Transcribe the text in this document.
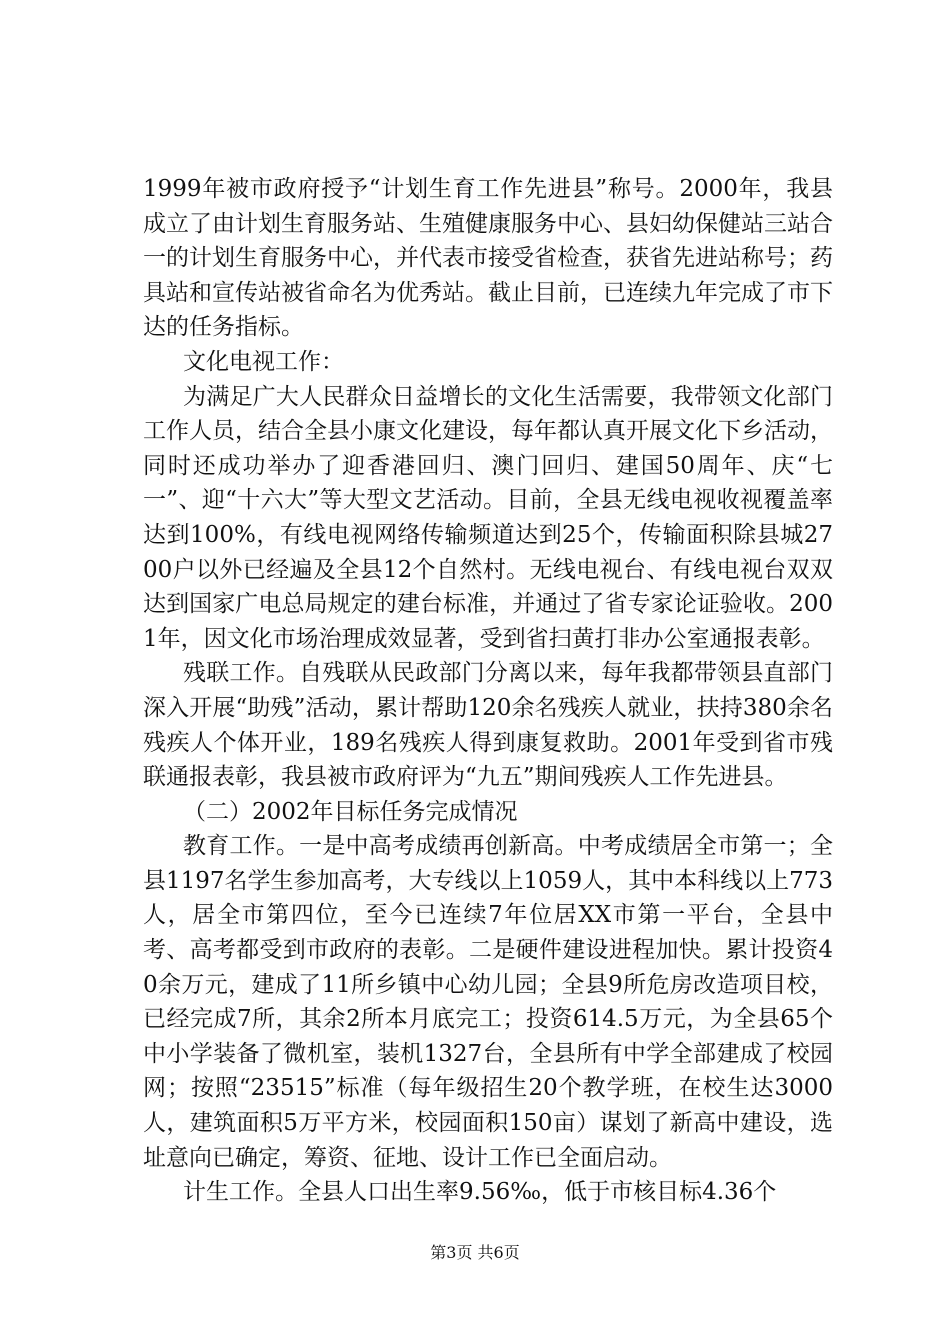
1999年被市政府授予“计划生育工作先进县”称号。2000年，我县成立了由计划生育服务站、生殖健康服务中心、县妇幼保健站三站合一的计划生育服务中心，并代表市接受省检查，获省先进站称号；药具站和宣传站被省命名为优秀站。截止目前，已连续九年完成了市下达的任务指标。

文化电视工作：

为满足广大人民群众日益增长的文化生活需要，我带领文化部门工作人员，结合全县小康文化建设，每年都认真开展文化下乡活动，同时还成功举办了迎香港回归、澳门回归、建国50周年、庆“七一”、迎“十六大”等大型文艺活动。目前，全县无线电视收视覆盖率达到100%，有线电视网络传输频道达到25个，传输面积除县城2700户以外已经遍及全县12个自然村。无线电视台、有线电视台双双达到国家广电总局规定的建台标准，并通过了省专家论证验收。2001年，因文化市场治理成效显著，受到省扫黄打非办公室通报表彰。

残联工作。自残联从民政部门分离以来，每年我都带领县直部门深入开展“助残”活动，累计帮助120余名残疾人就业，扶持380余名残疾人个体开业，189名残疾人得到康复救助。2001年受到省市残联通报表彰，我县被市政府评为“九五”期间残疾人工作先进县。

（二）2002年目标任务完成情况

教育工作。一是中高考成绩再创新高。中考成绩居全市第一；全县1197名学生参加高考，大专线以上1059人，其中本科线以上773人，居全市第四位，至今已连续7年位居XX市第一平台，全县中考、高考都受到市政府的表彰。二是硬件建设进程加快。累计投资40余万元，建成了11所乡镇中心幼儿园；全县9所危房改造项目校，已经完成7所，其余2所本月底完工；投资614.5万元，为全县65个中小学装备了微机室，装机1327台，全县所有中学全部建成了校园网；按照“23515”标准（每年级招生20个教学班，在校生达3000人，建筑面积5万平方米，校园面积150亩）谋划了新高中建设，选址意向已确定，筹资、征地、设计工作已全面启动。

计生工作。全县人口出生率9.56‰，低于市核目标4.36个

第3页 共6页
